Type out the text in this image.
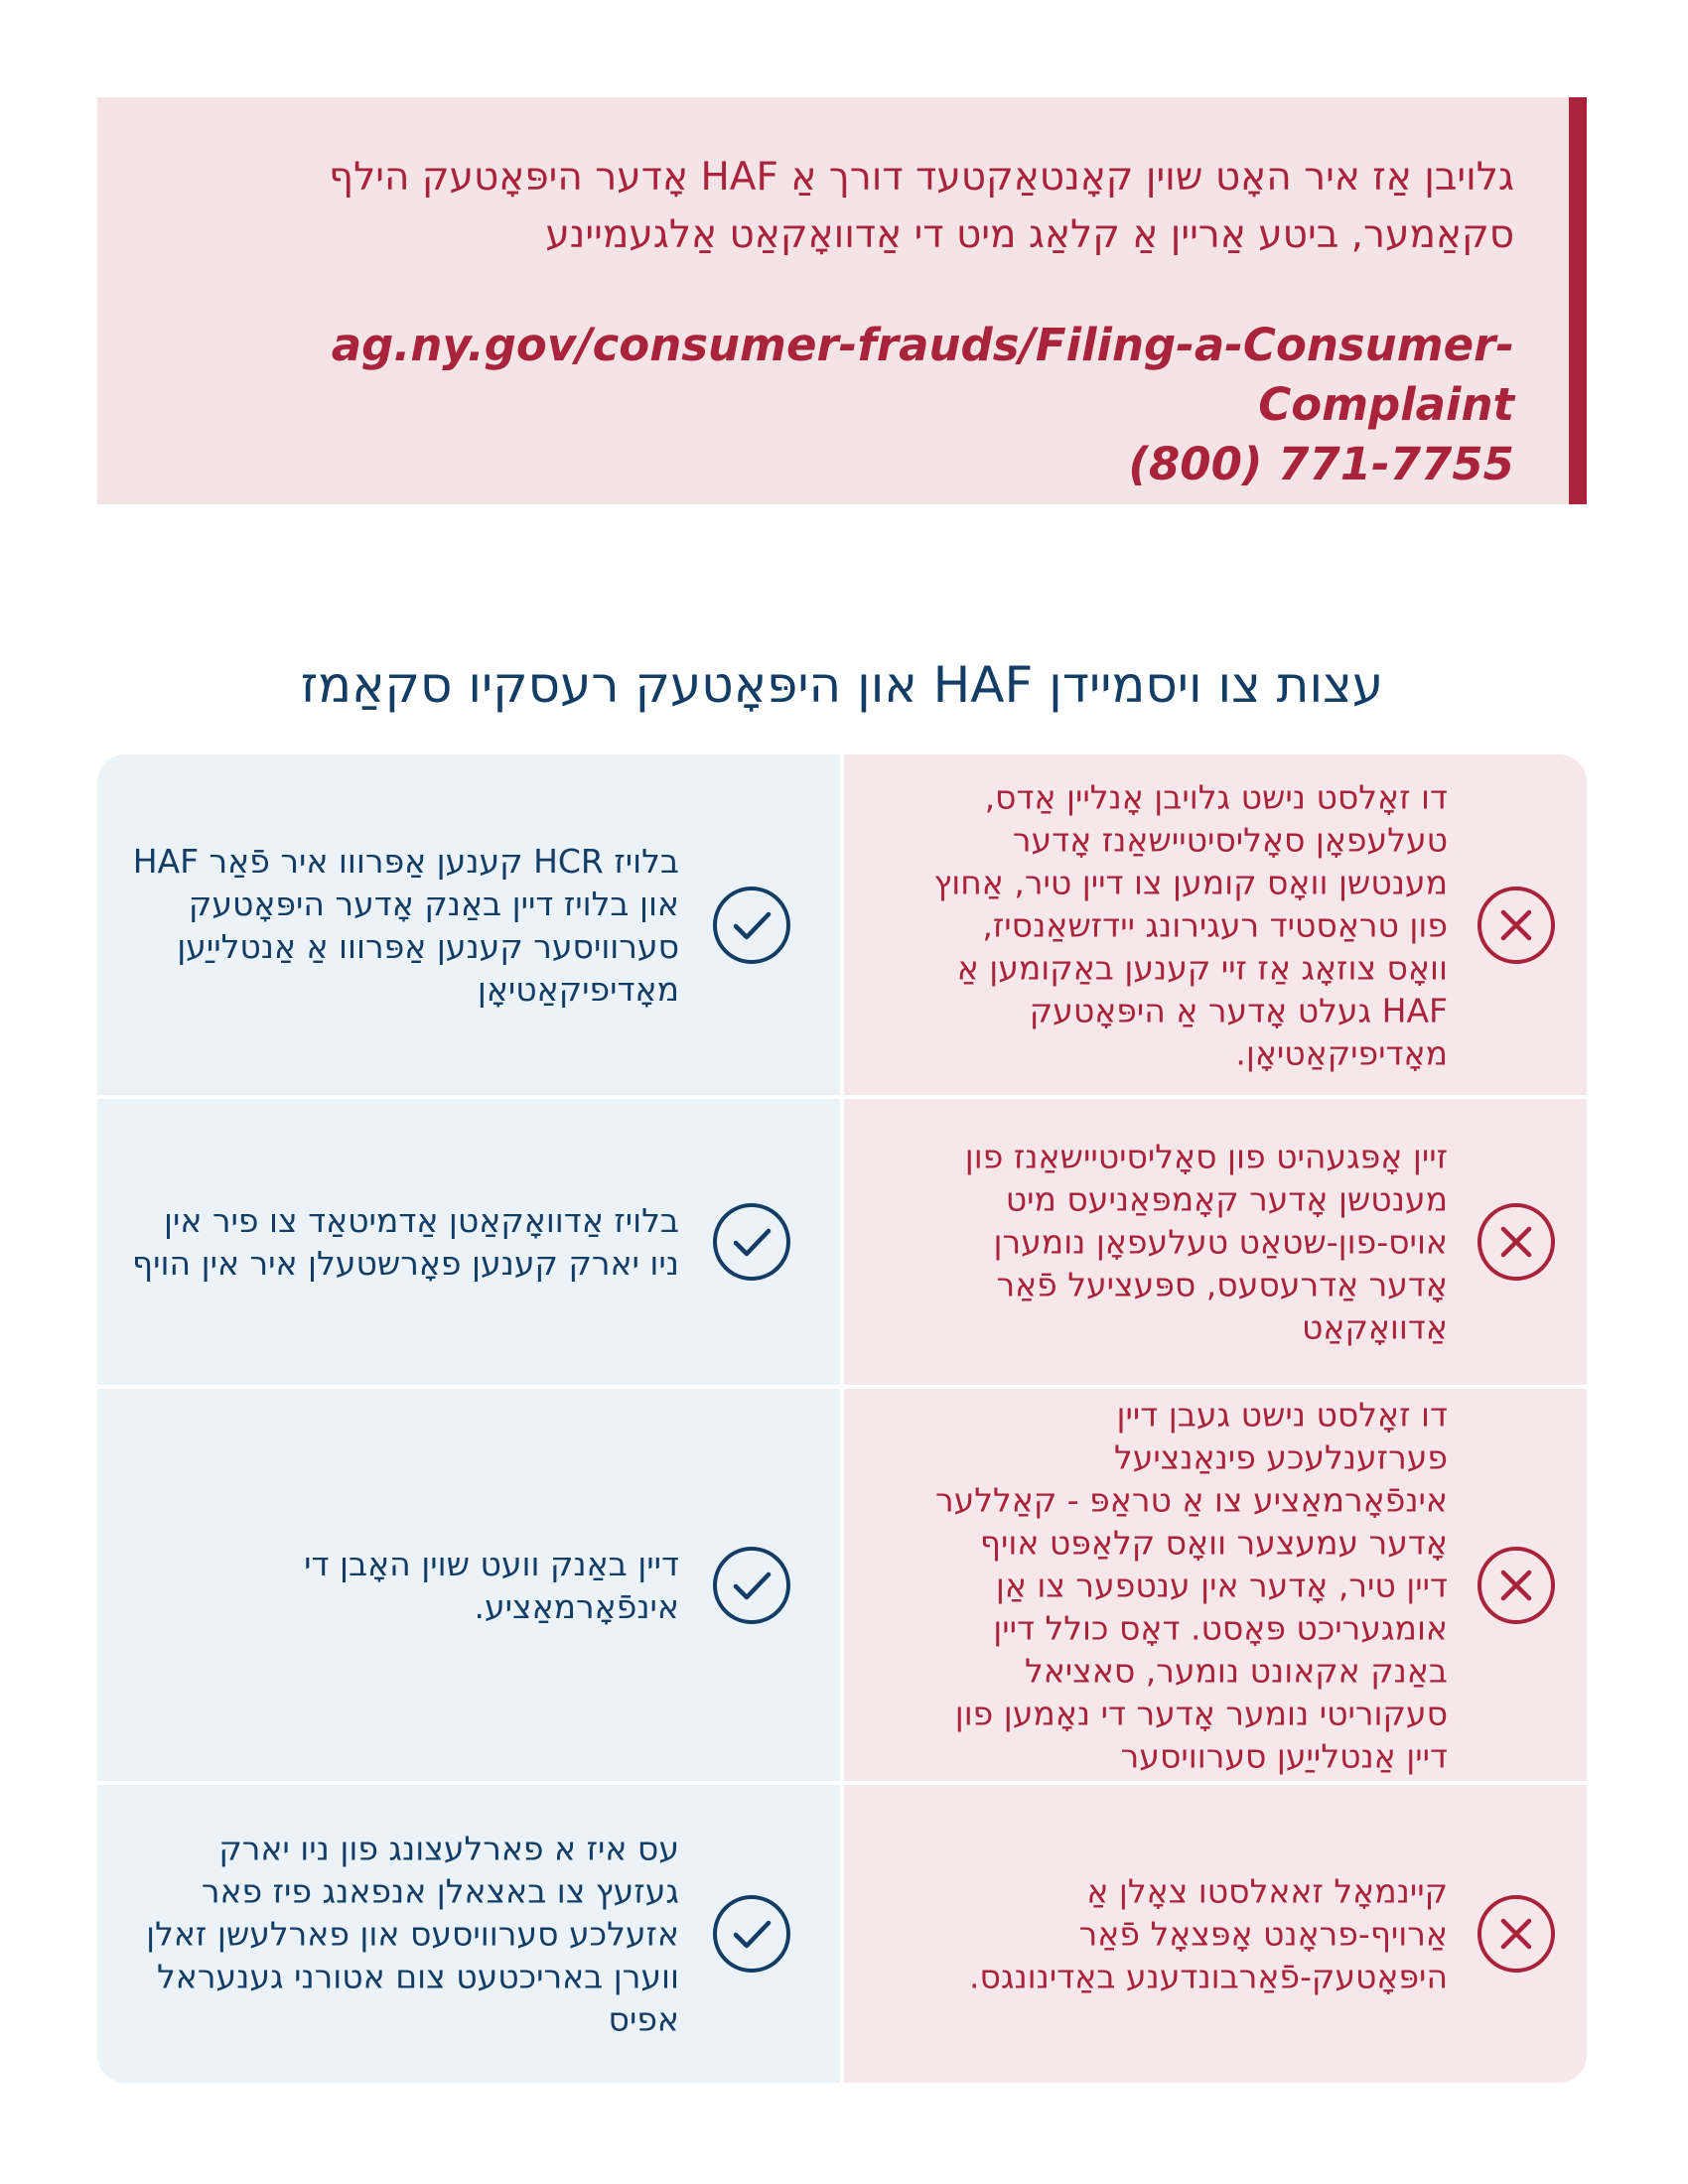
גלויבן אַז איר האָט שוין קאָנטאַקטעד דורך אַ HAF אָדער היפּאָטעק הילף סקאַמער, ביטע אַריין אַ קלאַג מיט די אַדוואָקאַט אַלגעמיינע

ag.ny.gov/consumer-frauds/Filing-a-Consumer-Complaint
(800) 771-7755
עצות צו ויסמיידן HAF און היפּאָטעק רעסקיו סקאַמז

דו זאָלסט נישט גלויבן אָנליין אַדס, טעלעפאָן סאָליסיטיישאַנז אָדער מענטשן וואָס קומען צו דיין טיר, אַחוץ פון טראַסטיד רעגירונג יידזשאַנסיז, וואָס צוזאָג אַז זיי קענען באַקומען אַ HAF געלט אָדער אַ היפּאָטעק מאָדיפיקאַטיאָן.

בלויז HCR קענען אַפּרווו איר פֿאַר HAF און בלויז דיין באַנק אָדער היפּאָטעק סערוויסער קענען אַפּרווו אַ אַנטלייַען מאָדיפיקאַטיאָן

זיין אָפּגעהיט פון סאָליסיטיישאַנז פון מענטשן אָדער קאָמפּאַניעס מיט אויס-פון-שטאַט טעלעפאָן נומערן אָדער אַדרעסעס, ספּעציעל פֿאַר אַדוואָקאַט

בלויז אַדוואָקאַטן אַדמיטאַד צו פיר אין ניו יארק קענען פאָרשטעלן איר אין הויף

דו זאָלסט נישט געבן דיין פערזענלעכע פינאַנציעל אינפֿאָרמאַציע צו אַ טראַפּ - קאַללער אָדער עמעצער וואָס קלאַפּט אויף דיין טיר, אָדער אין ענטפער צו אַן אומגעריכט פּאָסט. דאָס כולל דיין באַנק אקאונט נומער, סאציאל סעקוריטי נומער אָדער די נאָמען פון דיין אַנטלייַען סערוויסער

דיין באַנק וועט שוין האָבן די אינפֿאָרמאַציע.

קיינמאָל זאאלסטו צאָלן אַ אַרויף-פראָנט אָפּצאָל פֿאַר היפּאָטעק-פֿאַרבונדענע באַדינונגס.

עס איז א פארלעצונג פון ניו יארק געזעץ צו באצאלן אנפאנג פיז פאר אזעלכע סערוויסעס און פארלעשן זאלן ווערן באריכטעט צום אטורני גענעראל אפיס
